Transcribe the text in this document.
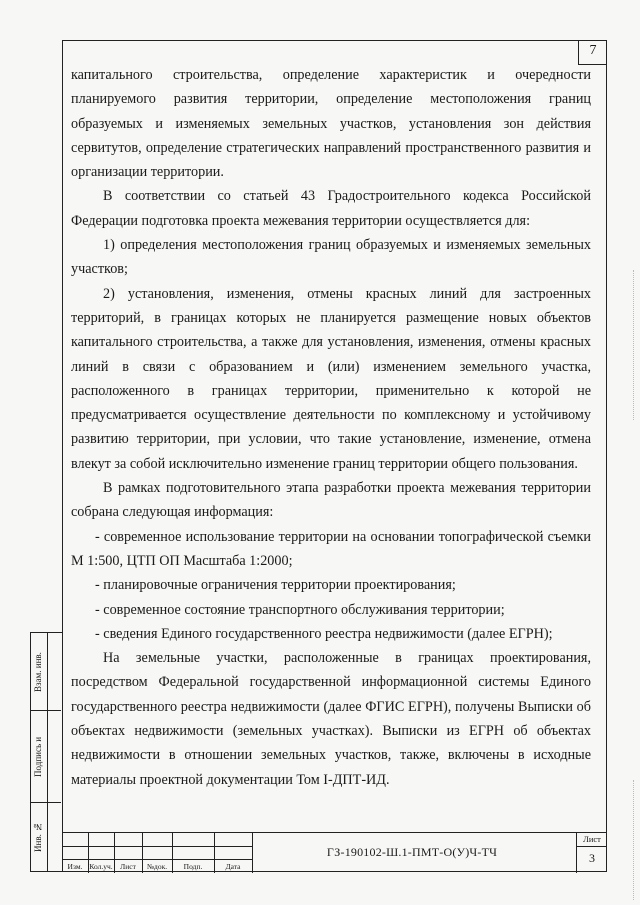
7

капитального строительства, определение характеристик и очередности планируемого развития территории, определение местоположения границ образуемых и изменяемых земельных участков, установления зон действия сервитутов, определение стратегических направлений пространственного развития и организации территории.

В соответствии со статьей 43 Градостроительного кодекса Российской Федерации подготовка проекта межевания территории осуществляется для:

1) определения местоположения границ образуемых и изменяемых земельных участков;

2) установления, изменения, отмены красных линий для застроенных территорий, в границах которых не планируется размещение новых объектов капитального строительства, а также для установления, изменения, отмены красных линий в связи с образованием и (или) изменением земельного участка, расположенного в границах территории, применительно к которой не предусматривается осуществление деятельности по комплексному и устойчивому развитию территории, при условии, что такие установление, изменение, отмена влекут за собой исключительно изменение границ территории общего пользования.

В рамках подготовительного этапа разработки проекта межевания территории собрана следующая информация:

- современное использование территории на основании топографической съемки М 1:500, ЦТП ОП Масштаба 1:2000;

- планировочные ограничения территории проектирования;

- современное состояние транспортного обслуживания территории;

- сведения Единого государственного реестра недвижимости (далее ЕГРН);

На земельные участки, расположенные в границах проектирования, посредством Федеральной государственной информационной системы Единого государственного реестра недвижимости (далее ФГИС ЕГРН), получены Выписки об объектах недвижимости (земельных участках). Выписки из ЕГРН об объектах недвижимости в отношении земельных участков, также, включены в исходные материалы проектной документации Том I-ДПТ-ИД.

Взам. инв.
Подпись и
Инв. №
Изм. Кол.уч.	Лист	№док.	Подп.	Дата
ГЗ-190102-Ш.1-ПМТ-О(У)Ч-ТЧ
Лист
3
